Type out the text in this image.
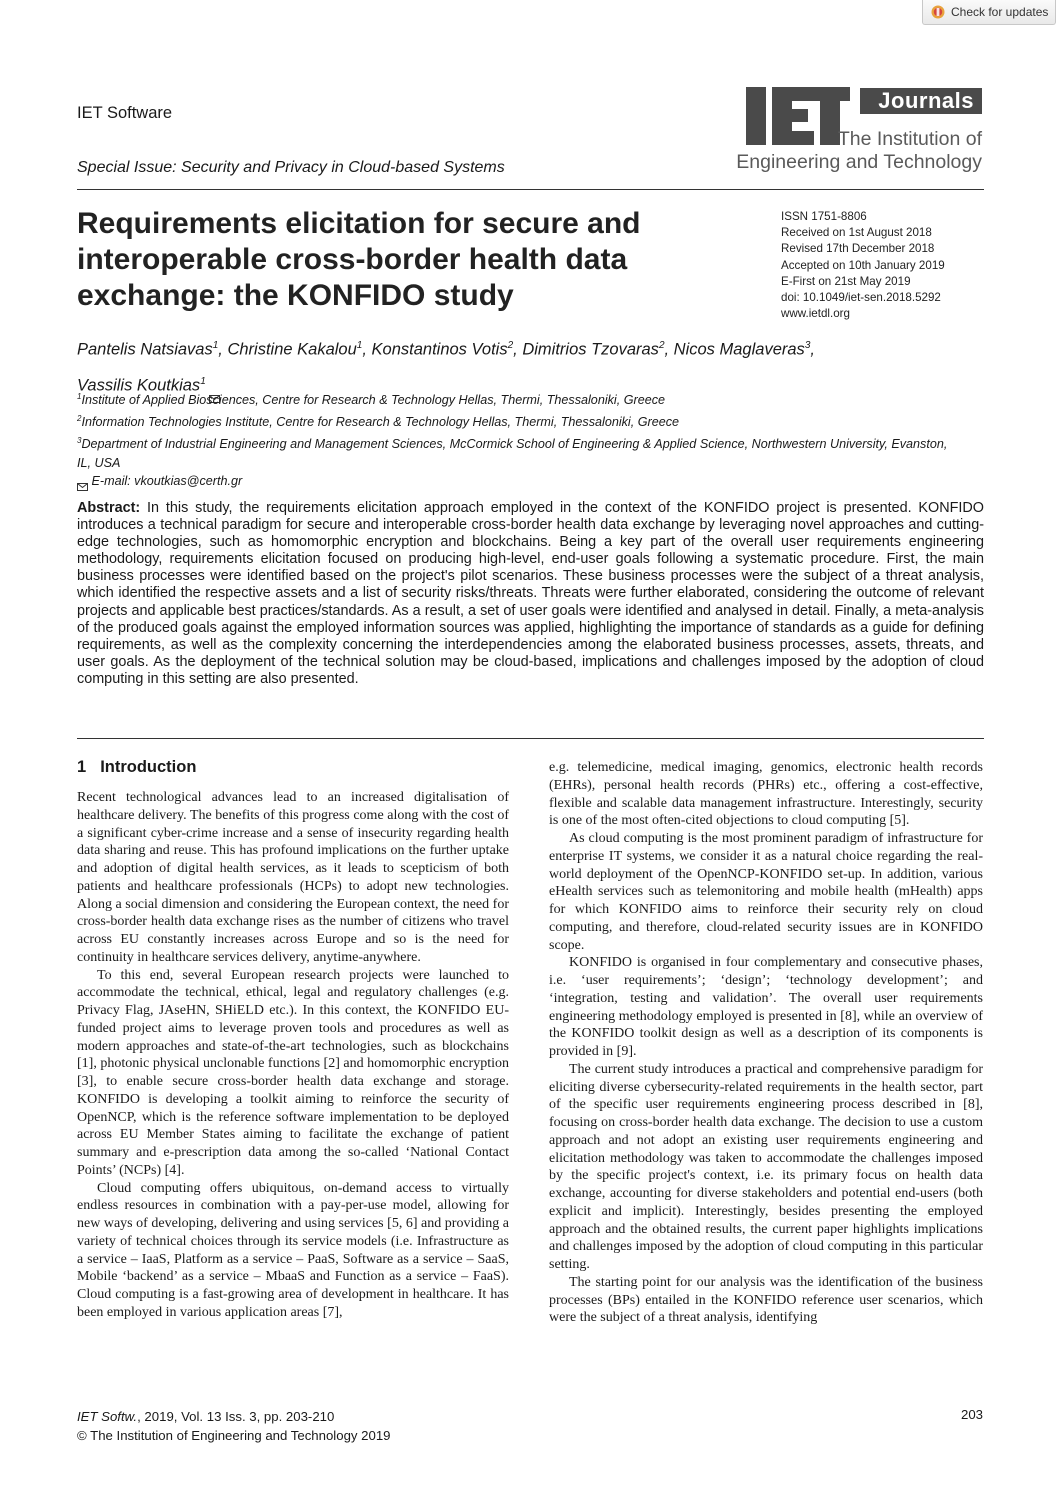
Check for updates
IET Software
Special Issue: Security and Privacy in Cloud-based Systems
Journals
The Institution of
Engineering and Technology
Requirements elicitation for secure and interoperable cross-border health data exchange: the KONFIDO study
ISSN 1751-8806
Received on 1st August 2018
Revised 17th December 2018
Accepted on 10th January 2019
E-First on 21st May 2019
doi: 10.1049/iet-sen.2018.5292
www.ietdl.org
Pantelis Natsiavas$^1$, Christine Kakalou$^1$, Konstantinos Votis$^2$, Dimitrios Tzovaras$^2$, Nicos Maglaveras$^3$,
Vassilis Koutkias$^1$
$^1$Institute of Applied Biosciences, Centre for Research & Technology Hellas, Thermi, Thessaloniki, Greece
$^2$Information Technologies Institute, Centre for Research & Technology Hellas, Thermi, Thessaloniki, Greece
$^3$Department of Industrial Engineering and Management Sciences, McCormick School of Engineering & Applied Science, Northwestern University, Evanston, IL, USA
E-mail: vkoutkias@certh.gr

Abstract: In this study, the requirements elicitation approach employed in the context of the KONFIDO project is presented. KONFIDO introduces a technical paradigm for secure and interoperable cross-border health data exchange by leveraging novel approaches and cutting-edge technologies, such as homomorphic encryption and blockchains. Being a key part of the overall user requirements engineering methodology, requirements elicitation focused on producing high-level, end-user goals following a systematic procedure. First, the main business processes were identified based on the project's pilot scenarios. These business processes were the subject of a threat analysis, which identified the respective assets and a list of security risks/threats. Threats were further elaborated, considering the outcome of relevant projects and applicable best practices/standards. As a result, a set of user goals were identified and analysed in detail. Finally, a meta-analysis of the produced goals against the employed information sources was applied, highlighting the importance of standards as a guide for defining requirements, as well as the complexity concerning the interdependencies among the elaborated business processes, assets, threats, and user goals. As the deployment of the technical solution may be cloud-based, implications and challenges imposed by the adoption of cloud computing in this setting are also presented.

1 Introduction

Recent technological advances lead to an increased digitalisation of healthcare delivery. The benefits of this progress come along with the cost of a significant cyber-crime increase and a sense of insecurity regarding health data sharing and reuse. This has profound implications on the further uptake and adoption of digital health services, as it leads to scepticism of both patients and healthcare professionals (HCPs) to adopt new technologies. Along a social dimension and considering the European context, the need for cross-border health data exchange rises as the number of citizens who travel across EU constantly increases across Europe and so is the need for continuity in healthcare services delivery, anytime-anywhere.

To this end, several European research projects were launched to accommodate the technical, ethical, legal and regulatory challenges (e.g. Privacy Flag, JAseHN, SHiELD etc.). In this context, the KONFIDO EU-funded project aims to leverage proven tools and procedures as well as modern approaches and state-of-the-art technologies, such as blockchains [1], photonic physical unclonable functions [2] and homomorphic encryption [3], to enable secure cross-border health data exchange and storage. KONFIDO is developing a toolkit aiming to reinforce the security of OpenNCP, which is the reference software implementation to be deployed across EU Member States aiming to facilitate the exchange of patient summary and e-prescription data among the so-called ‘National Contact Points’ (NCPs) [4].

Cloud computing offers ubiquitous, on-demand access to virtually endless resources in combination with a pay-per-use model, allowing for new ways of developing, delivering and using services [5, 6] and providing a variety of technical choices through its service models (i.e. Infrastructure as a service – IaaS, Platform as a service – PaaS, Software as a service – SaaS, Mobile ‘backend’ as a service – MbaaS and Function as a service – FaaS). Cloud computing is a fast-growing area of development in healthcare. It has been employed in various application areas [7],

e.g. telemedicine, medical imaging, genomics, electronic health records (EHRs), personal health records (PHRs) etc., offering a cost-effective, flexible and scalable data management infrastructure. Interestingly, security is one of the most often-cited objections to cloud computing [5].

As cloud computing is the most prominent paradigm of infrastructure for enterprise IT systems, we consider it as a natural choice regarding the real-world deployment of the OpenNCP-KONFIDO set-up. In addition, various eHealth services such as telemonitoring and mobile health (mHealth) apps for which KONFIDO aims to reinforce their security rely on cloud computing, and therefore, cloud-related security issues are in KONFIDO scope.

KONFIDO is organised in four complementary and consecutive phases, i.e. ‘user requirements’; ‘design’; ‘technology development’; and ‘integration, testing and validation’. The overall user requirements engineering methodology employed is presented in [8], while an overview of the KONFIDO toolkit design as well as a description of its components is provided in [9].

The current study introduces a practical and comprehensive paradigm for eliciting diverse cybersecurity-related requirements in the health sector, part of the specific user requirements engineering process described in [8], focusing on cross-border health data exchange. The decision to use a custom approach and not adopt an existing user requirements engineering and elicitation methodology was taken to accommodate the challenges imposed by the specific project's context, i.e. its primary focus on health data exchange, accounting for diverse stakeholders and potential end-users (both explicit and implicit). Interestingly, besides presenting the employed approach and the obtained results, the current paper highlights implications and challenges imposed by the adoption of cloud computing in this particular setting.

The starting point for our analysis was the identification of the business processes (BPs) entailed in the KONFIDO reference user scenarios, which were the subject of a threat analysis, identifying

IET Softw., 2019, Vol. 13 Iss. 3, pp. 203-210
© The Institution of Engineering and Technology 2019
203
